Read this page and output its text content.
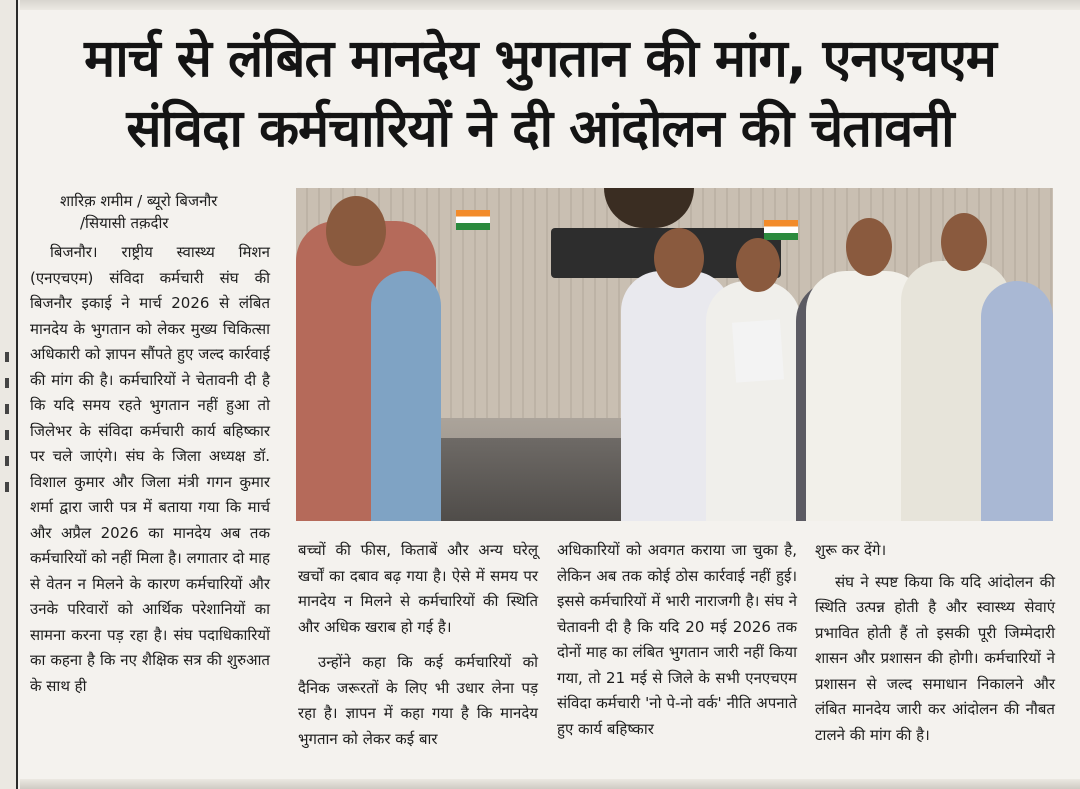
मार्च से लंबित मानदेय भुगतान की मांग, एनएचएम
संविदा कर्मचारियों ने दी आंदोलन की चेतावनी
शारिक़ शमीम / ब्यूरो बिजनौर
/सियासी तक़दीर

बिजनौर। राष्ट्रीय स्वास्थ्य मिशन (एनएचएम) संविदा कर्मचारी संघ की बिजनौर इकाई ने मार्च 2026 से लंबित मानदेय के भुगतान को लेकर मुख्य चिकित्सा अधिकारी को ज्ञापन सौंपते हुए जल्द कार्रवाई की मांग की है। कर्मचारियों ने चेतावनी दी है कि यदि समय रहते भुगतान नहीं हुआ तो जिलेभर के संविदा कर्मचारी कार्य बहिष्कार पर चले जाएंगे। संघ के जिला अध्यक्ष डॉ. विशाल कुमार और जिला मंत्री गगन कुमार शर्मा द्वारा जारी पत्र में बताया गया कि मार्च और अप्रैल 2026 का मानदेय अब तक कर्मचारियों को नहीं मिला है। लगातार दो माह से वेतन न मिलने के कारण कर्मचारियों और उनके परिवारों को आर्थिक परेशानियों का सामना करना पड़ रहा है। संघ पदाधिकारियों का कहना है कि नए शैक्षिक सत्र की शुरुआत के साथ ही

बच्चों की फीस, किताबें और अन्य घरेलू खर्चों का दबाव बढ़ गया है। ऐसे में समय पर मानदेय न मिलने से कर्मचारियों की स्थिति और अधिक खराब हो गई है।

उन्होंने कहा कि कई कर्मचारियों को दैनिक जरूरतों के लिए भी उधार लेना पड़ रहा है। ज्ञापन में कहा गया है कि मानदेय भुगतान को लेकर कई बार

अधिकारियों को अवगत कराया जा चुका है, लेकिन अब तक कोई ठोस कार्रवाई नहीं हुई। इससे कर्मचारियों में भारी नाराजगी है। संघ ने चेतावनी दी है कि यदि 20 मई 2026 तक दोनों माह का लंबित भुगतान जारी नहीं किया गया, तो 21 मई से जिले के सभी एनएचएम संविदा कर्मचारी 'नो पे-नो वर्क' नीति अपनाते हुए कार्य बहिष्कार

शुरू कर देंगे।

संघ ने स्पष्ट किया कि यदि आंदोलन की स्थिति उत्पन्न होती है और स्वास्थ्य सेवाएं प्रभावित होती हैं तो इसकी पूरी जिम्मेदारी शासन और प्रशासन की होगी। कर्मचारियों ने प्रशासन से जल्द समाधान निकालने और लंबित मानदेय जारी कर आंदोलन की नौबत टालने की मांग की है।
